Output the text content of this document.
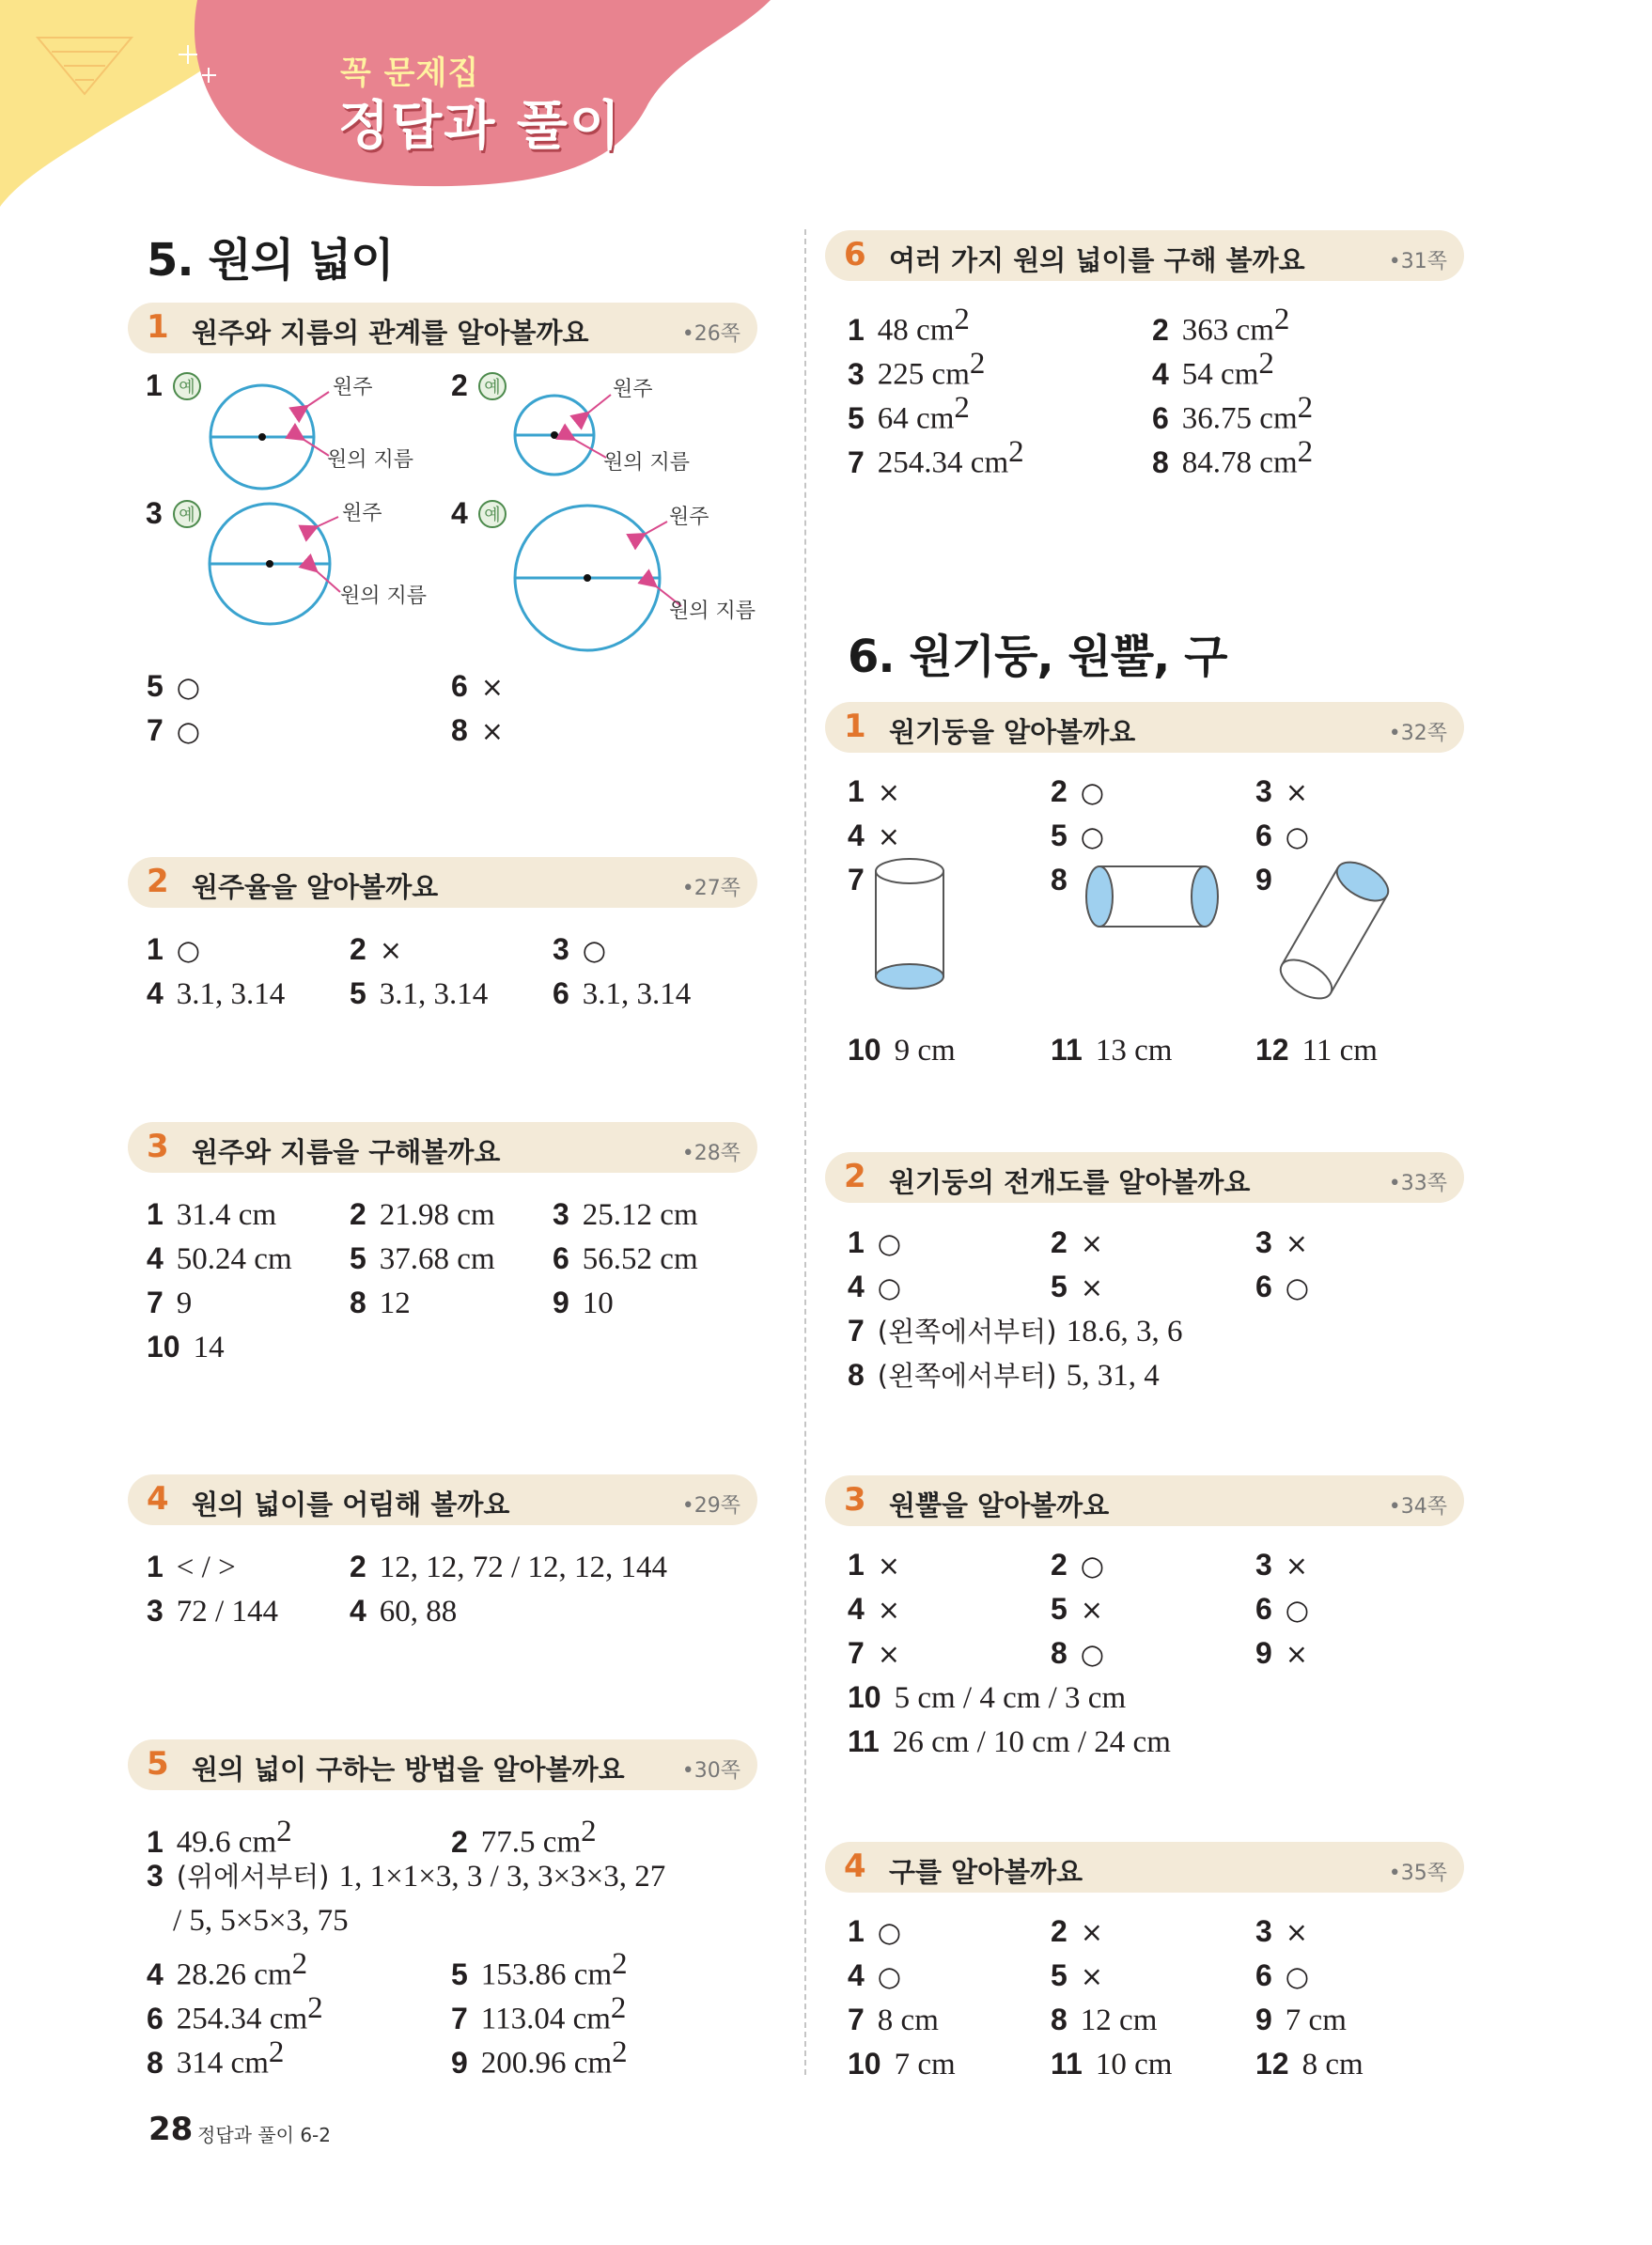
꼭 문제집
정답과 풀이
5. 원의 넓이
1 원주와 지름의 관계를 알아볼까요	•26쪽
1	2
3	4
예	예
예	예
원주
원의 지름
원주
원의 지름
원주
원의 지름
원주
원의 지름
5 ○	6 ×
7 ○	8 ×
2 원주율을 알아볼까요	•27쪽
1 ○	2 ×	3 ○
4 3.1, 3.14 5 3.1, 3.14 6 3.1, 3.14
3 원주와 지름을 구해볼까요	•28쪽
1 31.4 cm 2 21.98 cm 3 25.12 cm
4 50.24 cm 5 37.68 cm 6 56.52 cm
7 9	8 12	9 10
10 14
4 원의 넓이를 어림해 볼까요	•29쪽
1 < / >	2 12, 12, 72 / 12, 12, 144
3 72 / 144 4 60, 88
5 원의 넓이 구하는 방법을 알아볼까요	•30쪽
1 49.6 $cm^2$	2 77.5 $cm^2$
3 (위에서부터) 1, 1×1×3, 3 / 3, 3×3×3, 27
/ 5, 5×5×3, 75
4 28.26 $cm^2$	5 153.86 $cm^2$
6 254.34 $cm^2$	7 113.04 $cm^2$
8 314 $cm^2$	9 200.96 $cm^2$
6 여러 가지 원의 넓이를 구해 볼까요	•31쪽
1 48 $cm^2$	2 363 $cm^2$
3 225 $cm^2$	4 54 $cm^2$
5 64 $cm^2$	6 36.75 $cm^2$
7 254.34 $cm^2$	8 84.78 $cm^2$
6. 원기둥, 원뿔, 구
1 원기둥을 알아볼까요	•32쪽
1 ×	2 ○	3 ×
4 ×	5 ○	6 ○
7	8	9
10 9 cm	11 13 cm	12 11 cm
2 원기둥의 전개도를 알아볼까요	•33쪽
1 ○	2 ×	3 ×
4 ○	5 ×	6 ○
7 (왼쪽에서부터) 18.6, 3, 6
8 (왼쪽에서부터) 5, 31, 4
3 원뿔을 알아볼까요	•34쪽
1 ×	2 ○	3 ×
4 ×	5 ×	6 ○
7 ×	8 ○	9 ×
10 5 cm / 4 cm / 3 cm
11 26 cm / 10 cm / 24 cm
4 구를 알아볼까요	•35쪽
1 ○	2 ×	3 ×
4 ○	5 ×	6 ○
7 8 cm	8 12 cm	9 7 cm
10 7 cm	11 10 cm	12 8 cm
28 정답과 풀이 6-2
